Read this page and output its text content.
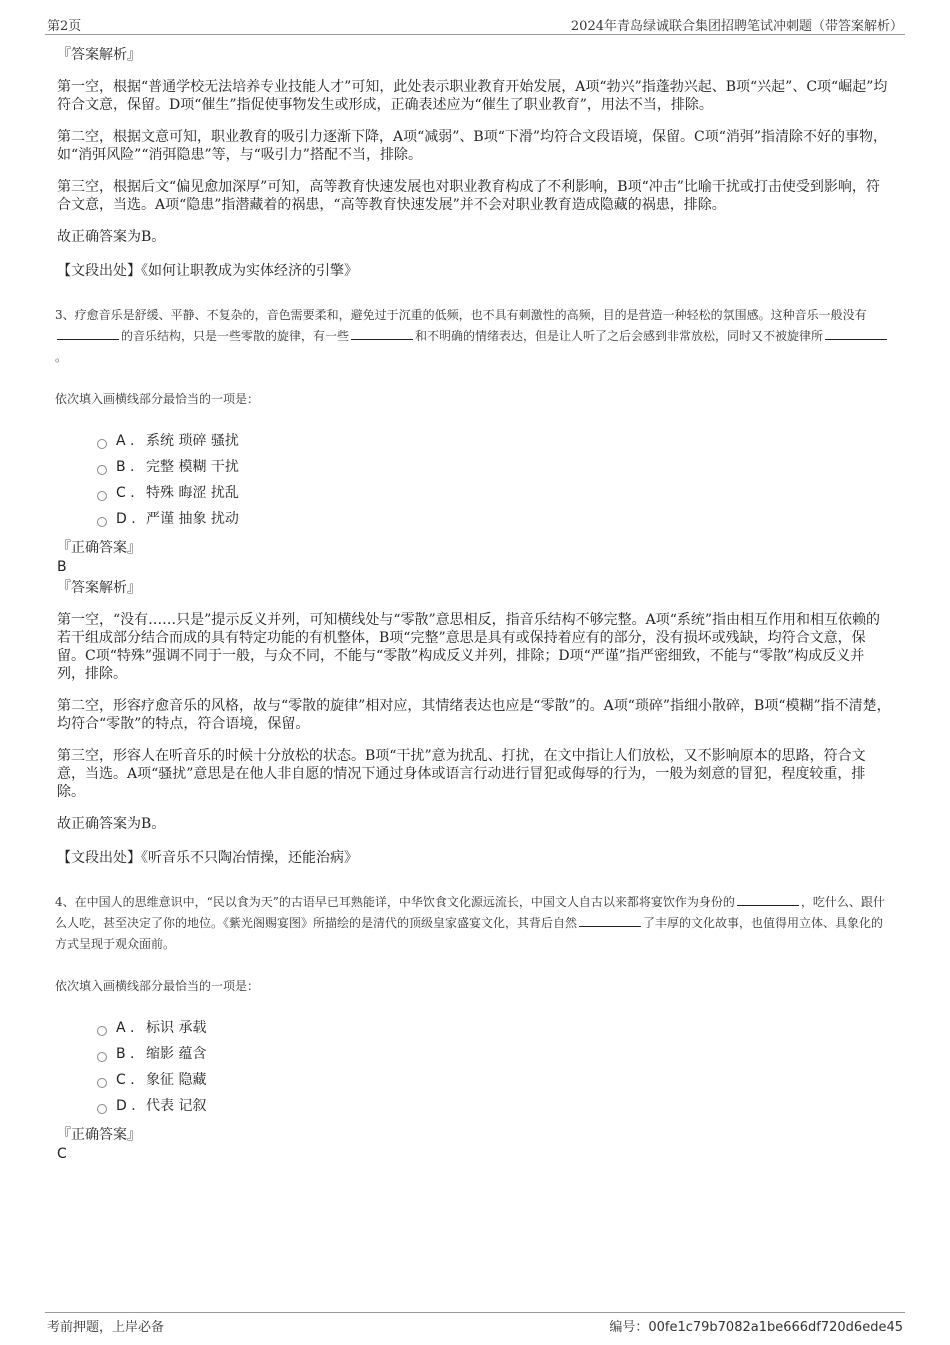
第2页	2024年青岛绿诚联合集团招聘笔试冲刺题（带答案解析）

『答案解析』

第一空，根据“普通学校无法培养专业技能人才”可知，此处表示职业教育开始发展，A项“勃兴”指蓬勃兴起、B项“兴起”、C项“崛起”均符合文意，保留。D项“催生”指促使事物发生或形成，正确表述应为“催生了职业教育”，用法不当，排除。

第二空，根据文意可知，职业教育的吸引力逐渐下降，A项“减弱”、B项“下滑”均符合文段语境，保留。C项“消弭”指清除不好的事物，如“消弭风险”“消弭隐患”等，与“吸引力”搭配不当，排除。

第三空，根据后文“偏见愈加深厚”可知，高等教育快速发展也对职业教育构成了不利影响，B项“冲击”比喻干扰或打击使受到影响，符合文意，当选。A项“隐患”指潜藏着的祸患，“高等教育快速发展”并不会对职业教育造成隐藏的祸患，排除。

故正确答案为B。

【文段出处】《如何让职教成为实体经济的引擎》

3、疗愈音乐是舒缓、平静、不复杂的，音色需要柔和，避免过于沉重的低频，也不具有刺激性的高频，目的是营造一种轻松的氛围感。这种音乐一般没有的音乐结构，只是一些零散的旋律，有一些	和不明确的情绪表达，但是让人听了之后会感到非常放松，同时又不被旋律所。

依次填入画横线部分最恰当的一项是：

A . 系统 琐碎 骚扰
B . 完整 模糊 干扰
C . 特殊 晦涩 扰乱
D . 严谨 抽象 扰动

『正确答案』

B

『答案解析』

第一空，“没有……只是”提示反义并列，可知横线处与“零散”意思相反，指音乐结构不够完整。A项“系统”指由相互作用和相互依赖的若干组成部分结合而成的具有特定功能的有机整体，B项“完整”意思是具有或保持着应有的部分，没有损坏或残缺，均符合文意，保留。C项“特殊”强调不同于一般，与众不同，不能与“零散”构成反义并列，排除；D项“严谨”指严密细致，不能与“零散”构成反义并列，排除。

第二空，形容疗愈音乐的风格，故与“零散的旋律”相对应，其情绪表达也应是“零散”的。A项“琐碎”指细小散碎，B项“模糊”指不清楚，均符合“零散”的特点，符合语境，保留。

第三空，形容人在听音乐的时候十分放松的状态。B项“干扰”意为扰乱、打扰，在文中指让人们放松，又不影响原本的思路，符合文意，当选。A项“骚扰”意思是在他人非自愿的情况下通过身体或语言行动进行冒犯或侮辱的行为，一般为刻意的冒犯，程度较重，排除。

故正确答案为B。

【文段出处】《听音乐不只陶冶情操，还能治病》

4、在中国人的思维意识中，“民以食为天”的古语早已耳熟能详，中华饮食文化源远流长，中国文人自古以来都将宴饮作为身份的	，吃什么、跟什么人吃，甚至决定了你的地位。《紫光阁赐宴图》所描绘的是清代的顶级皇家盛宴文化，其背后自然	了丰厚的文化故事，也值得用立体、具象化的方式呈现于观众面前。

依次填入画横线部分最恰当的一项是：

A . 标识 承载
B . 缩影 蕴含
C . 象征 隐藏
D . 代表 记叙

『正确答案』

C

考前押题，上岸必备	编号：00fe1c79b7082a1be666df720d6ede45
